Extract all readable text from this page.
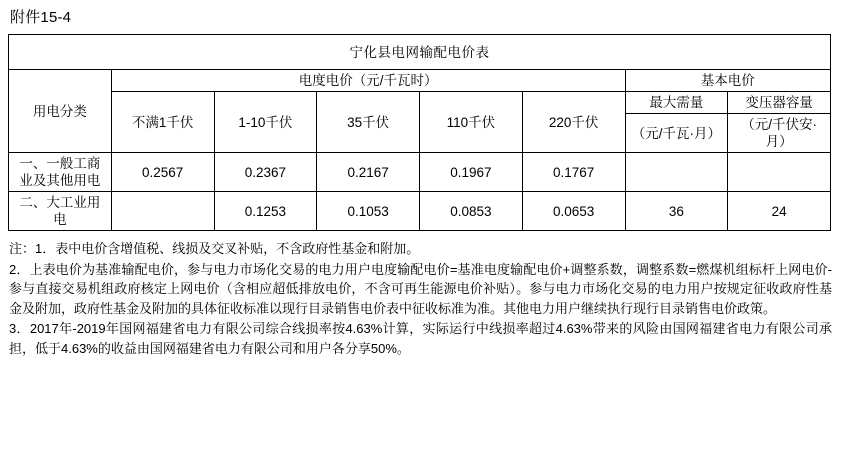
附件15-4
宁化县电网输配电价表							
用电分类	电度电价（元/千瓦时）					基本电价	
	不满1千伏	1-10千伏	35千伏	110千伏	220千伏	最大需量	变压器容量
						（元/千瓦·月）	（元/千伏安·月）
一、一般工商业及其他用电	0.2567	0.2367	0.2167	0.1967	0.1767		
二、大工业用电		0.1253	0.1053	0.0853	0.0653	36	24

注：1．表中电价含增值税、线损及交叉补贴，不含政府性基金和附加。

2．上表电价为基准输配电价，参与电力市场化交易的电力用户电度输配电价=基准电度输配电价+调整系数，调整系数=燃煤机组标杆上网电价-参与直接交易机组政府核定上网电价（含相应超低排放电价，不含可再生能源电价补贴）。参与电力市场化交易的电力用户按规定征收政府性基金及附加，政府性基金及附加的具体征收标准以现行目录销售电价表中征收标准为准。其他电力用户继续执行现行目录销售电价政策。

3．2017年-2019年国网福建省电力有限公司综合线损率按4.63%计算，实际运行中线损率超过4.63%带来的风险由国网福建省电力有限公司承担，低于4.63%的收益由国网福建省电力有限公司和用户各分享50%。
